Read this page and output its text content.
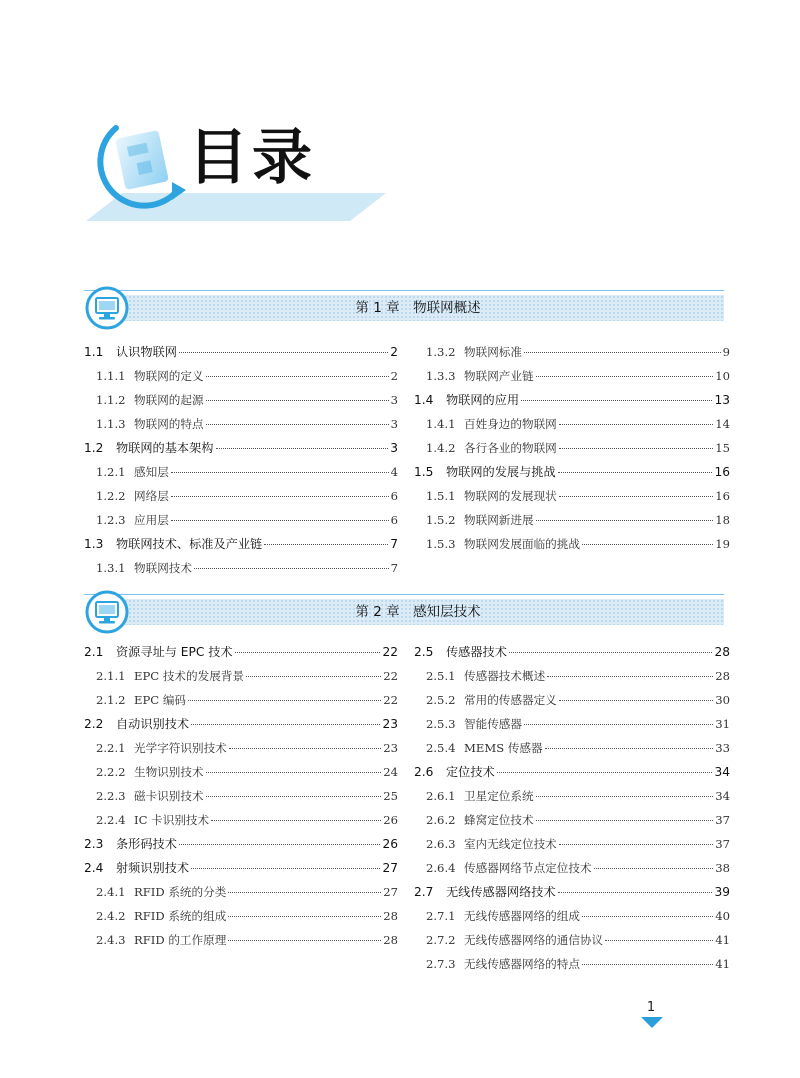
目录
第 1 章　物联网概述
1.1	认识物联网	2
1.1.1 物联网的定义	2
1.1.2 物联网的起源	3
1.1.3 物联网的特点	3
1.2	物联网的基本架构	3
1.2.1 感知层	4
1.2.2 网络层	6
1.2.3 应用层	6
1.3	物联网技术、标准及产业链	7
1.3.1 物联网技术	7
1.3.2 物联网标准	9
1.3.3 物联网产业链	10
1.4	物联网的应用	13
1.4.1 百姓身边的物联网	14
1.4.2 各行各业的物联网	15
1.5	物联网的发展与挑战	16
1.5.1 物联网的发展现状	16
1.5.2 物联网新进展	18
1.5.3 物联网发展面临的挑战	19
第 2 章　感知层技术
2.1	资源寻址与 EPC 技术	22
2.1.1 EPC 技术的发展背景	22
2.1.2 EPC 编码	22
2.2	自动识别技术	23
2.2.1 光学字符识别技术	23
2.2.2 生物识别技术	24
2.2.3 磁卡识别技术	25
2.2.4 IC 卡识别技术	26
2.3	条形码技术	26
2.4	射频识别技术	27
2.4.1 RFID 系统的分类	27
2.4.2 RFID 系统的组成	28
2.4.3 RFID 的工作原理	28
2.5	传感器技术	28
2.5.1 传感器技术概述	28
2.5.2 常用的传感器定义	30
2.5.3 智能传感器	31
2.5.4 MEMS 传感器	33
2.6	定位技术	34
2.6.1 卫星定位系统	34
2.6.2 蜂窝定位技术	37
2.6.3 室内无线定位技术	37
2.6.4 传感器网络节点定位技术	38
2.7	无线传感器网络技术	39
2.7.1 无线传感器网络的组成	40
2.7.2 无线传感器网络的通信协议	41
2.7.3 无线传感器网络的特点	41
1
